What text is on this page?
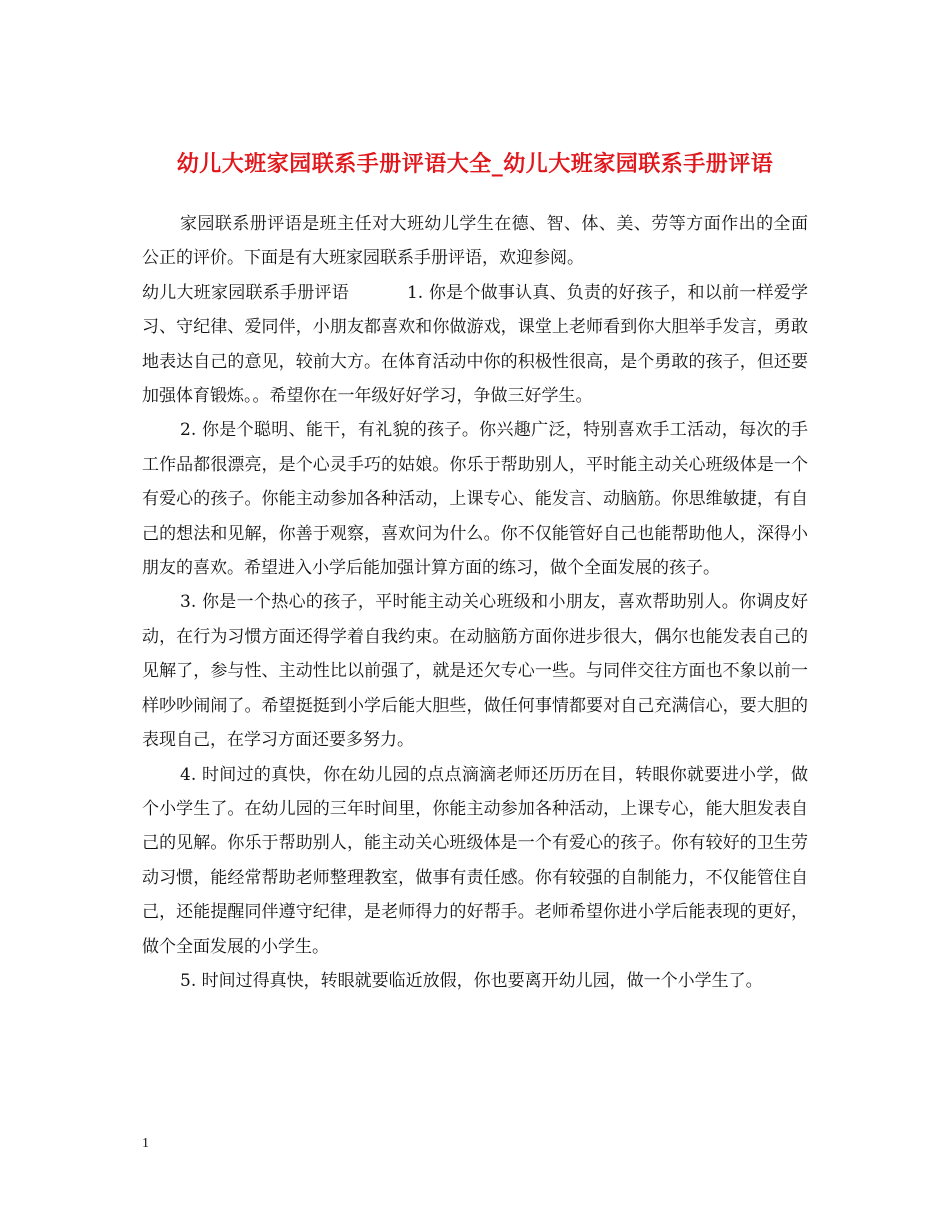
幼儿大班家园联系手册评语大全_幼儿大班家园联系手册评语

家园联系册评语是班主任对大班幼儿学生在德、智、体、美、劳等方面作出的全面公正的评价。下面是有大班家园联系手册评语，欢迎参阅。

幼儿大班家园联系手册评语	1. 你是个做事认真、负责的好孩子，和以前一样爱学习、守纪律、爱同伴，小朋友都喜欢和你做游戏，课堂上老师看到你大胆举手发言，勇敢地表达自己的意见，较前大方。在体育活动中你的积极性很高，是个勇敢的孩子，但还要加强体育锻炼。。希望你在一年级好好学习，争做三好学生。

2. 你是个聪明、能干，有礼貌的孩子。你兴趣广泛，特别喜欢手工活动，每次的手工作品都很漂亮，是个心灵手巧的姑娘。你乐于帮助别人，平时能主动关心班级体是一个有爱心的孩子。你能主动参加各种活动，上课专心、能发言、动脑筋。你思维敏捷，有自己的想法和见解，你善于观察，喜欢问为什么。你不仅能管好自己也能帮助他人，深得小朋友的喜欢。希望进入小学后能加强计算方面的练习，做个全面发展的孩子。

3. 你是一个热心的孩子，平时能主动关心班级和小朋友，喜欢帮助别人。你调皮好动，在行为习惯方面还得学着自我约束。在动脑筋方面你进步很大，偶尔也能发表自己的见解了，参与性、主动性比以前强了，就是还欠专心一些。与同伴交往方面也不象以前一样吵吵闹闹了。希望挺挺到小学后能大胆些，做任何事情都要对自己充满信心，要大胆的表现自己，在学习方面还要多努力。

4. 时间过的真快，你在幼儿园的点点滴滴老师还历历在目，转眼你就要进小学，做个小学生了。在幼儿园的三年时间里，你能主动参加各种活动，上课专心，能大胆发表自己的见解。你乐于帮助别人，能主动关心班级体是一个有爱心的孩子。你有较好的卫生劳动习惯，能经常帮助老师整理教室，做事有责任感。你有较强的自制能力，不仅能管住自己，还能提醒同伴遵守纪律，是老师得力的好帮手。老师希望你进小学后能表现的更好，做个全面发展的小学生。

5. 时间过得真快，转眼就要临近放假，你也要离开幼儿园，做一个小学生了。

1
